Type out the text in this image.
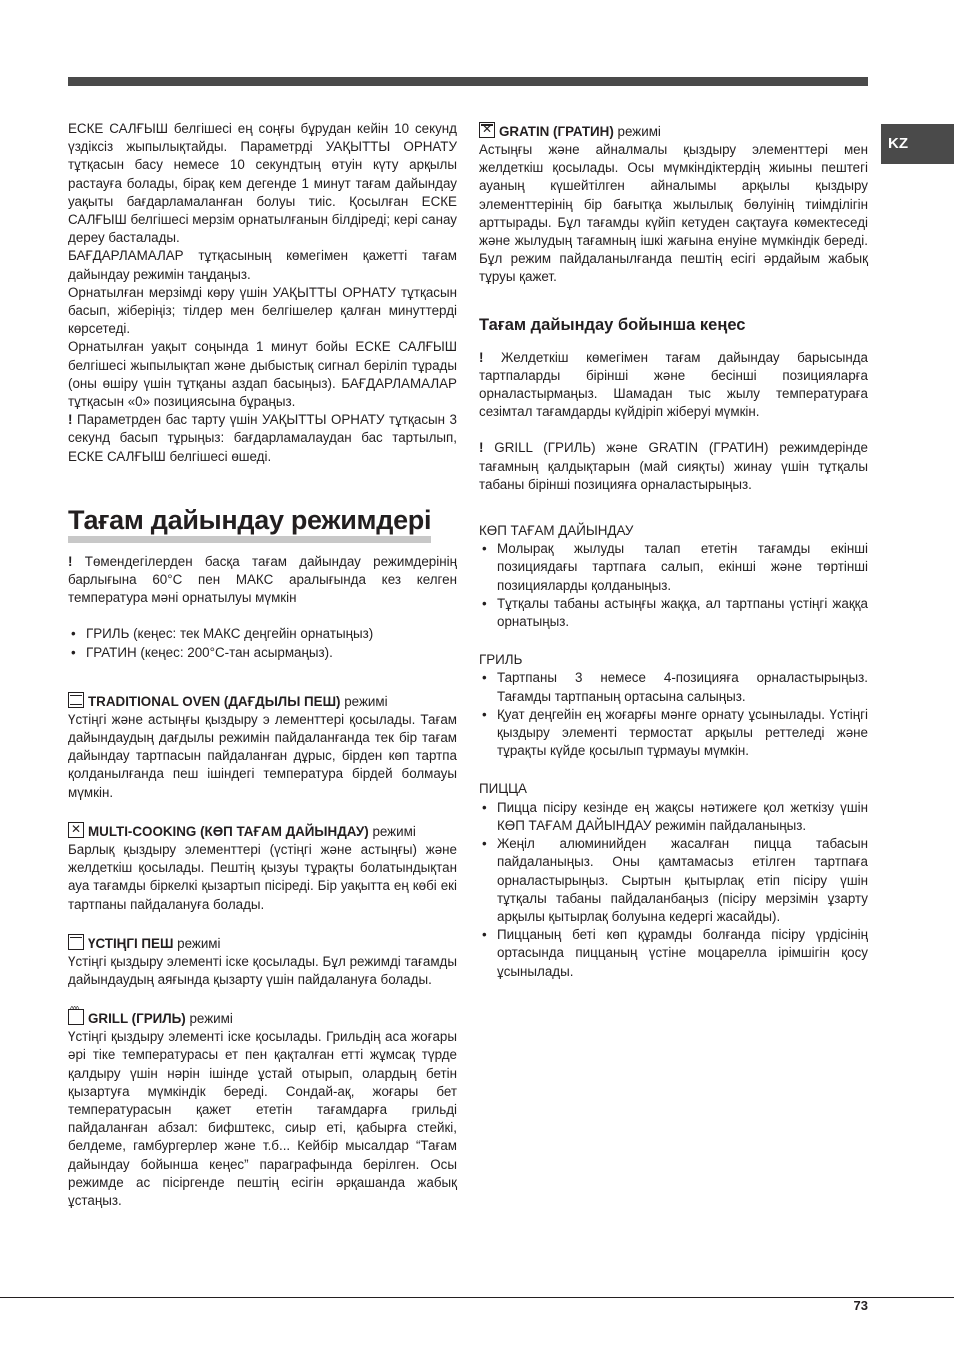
KZ

ЕСКЕ САЛҒЫШ белгішесі ең соңғы бұрудан кейін 10 секунд үздіксіз жыпылықтайды. Параметрді УАҚЫТТЫ ОРНАТУ тұтқасын басу немесе 10 секундтың өтуін күту арқылы растауға болады, бірақ кем дегенде 1 минут тағам дайындау уақыты бағдарламаланған болуы тиіс. Қосылған ЕСКЕ САЛҒЫШ белгішесі мерзім орнатылғанын білдіреді; кері санау дереу басталады.

БАҒДАРЛАМАЛАР тұтқасының көмегімен қажетті тағам дайындау режимін таңдаңыз.

Орнатылған мерзімді көру үшін УАҚЫТТЫ ОРНАТУ тұтқасын басып, жіберіңіз; тілдер мен белгішелер қалған минуттерді көрсетеді.

Орнатылған уақыт соңында 1 минут бойы ЕСКЕ САЛҒЫШ белгішесі жыпылықтап және дыбыстық сигнал беріліп тұрады (оны өшіру үшін тұтқаны аздап басыңыз). БАҒДАРЛАМАЛАР тұтқасын «0» позициясына бұраңыз.

! Параметрден бас тарту үшін УАҚЫТТЫ ОРНАТУ тұтқасын 3 секунд басып тұрыңыз: бағдарламалаудан бас тартылып, ЕСКЕ САЛҒЫШ белгішесі өшеді.

Тағам дайындау режимдері

! Төмендегілерден басқа тағам дайындау режимдерінің барлығына 60°C пен МАКС аралығында кез келген температура мәні орнатылуы мүмкін

• ГРИЛЬ (кеңес: тек МАКС деңгейін орнатыңыз)
• ГРАТИН (кеңес: 200°C-тан асырмаңыз).
TRADITIONAL OVEN (ДАҒДЫЛЫ ПЕШ) режимі

Үстіңгі және астыңғы қыздыру э лементтері қосылады. Тағам дайындаудың дағдылы режимін пайдаланғанда тек бір тағам дайындау тартпасын пайдаланған дұрыс, бірден көп тартпа қолданылғанда пеш ішіндегі температура бірдей болмауы мүмкін.

✕MULTI-COOKING (КӨП ТАҒАМ ДАЙЫНДАУ) режимі

Барлық қыздыру элементтері (үстіңгі және астыңғы) және желдеткіш қосылады. Пештің қызуы тұрақты болатындықтан ауа тағамды біркелкі қызартып пісіреді. Бір уақытта ең көбі екі тартпаны пайдалануға болады.

ҮСТІҢГІ ПЕШ режимі

Үстіңгі қыздыру элементі іске қосылады. Бұл режимді тағамды дайындаудың аяғында қызарту үшін пайдалануға болады.

^^^GRILL (ГРИЛЬ) режимі

Үстіңгі қыздыру элементі іске қосылады. Грильдің аса жоғары әрі тіке температурасы ет пен қақталған етті жұмсақ түрде қалдыру үшін нәрін ішінде ұстай отырып, олардың бетін қызартуға мүмкіндік береді. Сондай-ақ, жоғары бет температурасын қажет ететін тағамдарға грильді пайдаланған абзал: бифштекс, сиыр еті, қабырға стейкі, белдеме, гамбургерлер және т.б... Кейбір мысалдар “Тағам дайындау бойынша кеңес” параграфында берілген. Осы режимде ас пісіргенде пештің есігін әрқашанда жабық ұстаңыз.

✕GRATIN (ГРАТИН) режимі

Астыңғы және айналмалы қыздыру элементтері мен желдеткіш қосылады. Осы мүмкіндіктердің жиыны пештегі ауаның күшейтілген айналымы арқылы қыздыру элементтерінің бір бағытқа жылылық бөлуінің тиімділігін арттырады. Бұл тағамды күйіп кетуден сақтауға көмектеседі және жылудың тағамның ішкі жағына енуіне мүмкіндік береді. Бұл режим пайдаланылғанда пештің есігі әрдайым жабық тұруы қажет.

Тағам дайындау бойынша кеңес

! Желдеткіш көмегімен тағам дайындау барысында тартпаларды бірінші және бесінші позицияларға орналастырмаңыз. Шамадан тыс жылу температураға сезімтал тағамдарды күйдіріп жіберуі мүмкін.

! GRILL (ГРИЛЬ) және GRATIN (ГРАТИН) режимдерінде тағамның қалдықтарын (май сияқты) жинау үшін тұтқалы табаны бірінші позицияға орналастырыңыз.

КӨП ТАҒАМ ДАЙЫНДАУ

• Молырақ жылуды талап ететін тағамды екінші позициядағы тартпаға салып, екінші және төртінші позицияларды қолданыңыз.
• Тұтқалы табаны астыңғы жаққа, ал тартпаны үстіңгі жаққа орнатыңыз.

ГРИЛЬ

• Тартпаны 3 немесе 4-позицияға орналастырыңыз. Тағамды тартпаның ортасына салыңыз.
• Қуат деңгейін ең жоғарғы мәнге орнату ұсынылады. Үстіңгі қыздыру элементі термостат арқылы реттеледі және тұрақты күйде қосылып тұрмауы мүмкін.

ПИЦЦА

• Пицца пісіру кезінде ең жақсы нәтижеге қол жеткізу үшін КӨП ТАҒАМ ДАЙЫНДАУ режимін пайдаланыңыз.
• Жеңіл алюминийден жасалған пицца табасын пайдаланыңыз. Оны қамтамасыз етілген тартпаға орналастырыңыз. Сыртын қытырлақ етіп пісіру үшін тұтқалы табаны пайдаланбаңыз (пісіру мерзімін ұзарту арқылы қытырлақ болуына кедергі жасайды).
• Пиццаның беті көп құрамды болғанда пісіру үрдісінің ортасында пиццаның үстіне моцарелла ірімшігін қосу ұсынылады.
73
